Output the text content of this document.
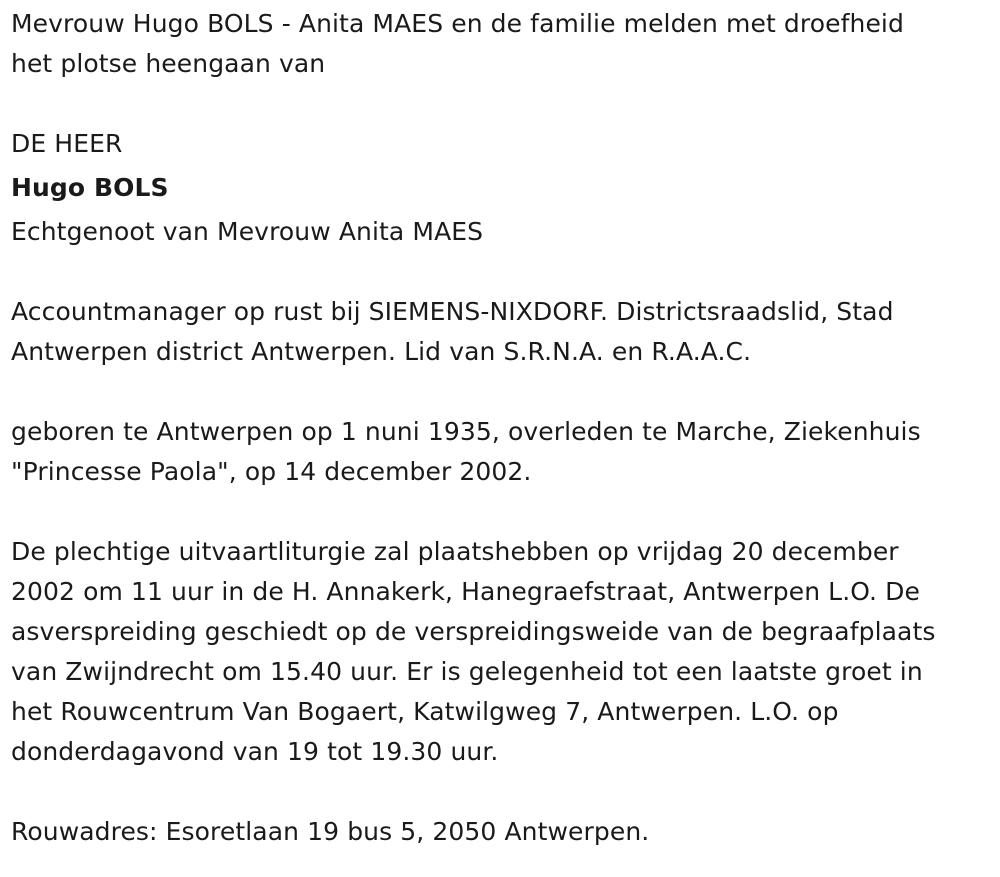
Mevrouw Hugo BOLS - Anita MAES en de familie melden met droefheid
het plotse heengaan van

DE HEER

Hugo BOLS

Echtgenoot van Mevrouw Anita MAES

Accountmanager op rust bij SIEMENS-NIXDORF. Districtsraadslid, Stad
Antwerpen district Antwerpen. Lid van S.R.N.A. en R.A.A.C.

geboren te Antwerpen op 1 nuni 1935, overleden te Marche, Ziekenhuis
"Princesse Paola", op 14 december 2002.

De plechtige uitvaartliturgie zal plaatshebben op vrijdag 20 december
2002 om 11 uur in de H. Annakerk, Hanegraefstraat, Antwerpen L.O. De
asverspreiding geschiedt op de verspreidingsweide van de begraafplaats
van Zwijndrecht om 15.40 uur. Er is gelegenheid tot een laatste groet in
het Rouwcentrum Van Bogaert, Katwilgweg 7, Antwerpen. L.O. op
donderdagavond van 19 tot 19.30 uur.

Rouwadres: Esoretlaan 19 bus 5, 2050 Antwerpen.
